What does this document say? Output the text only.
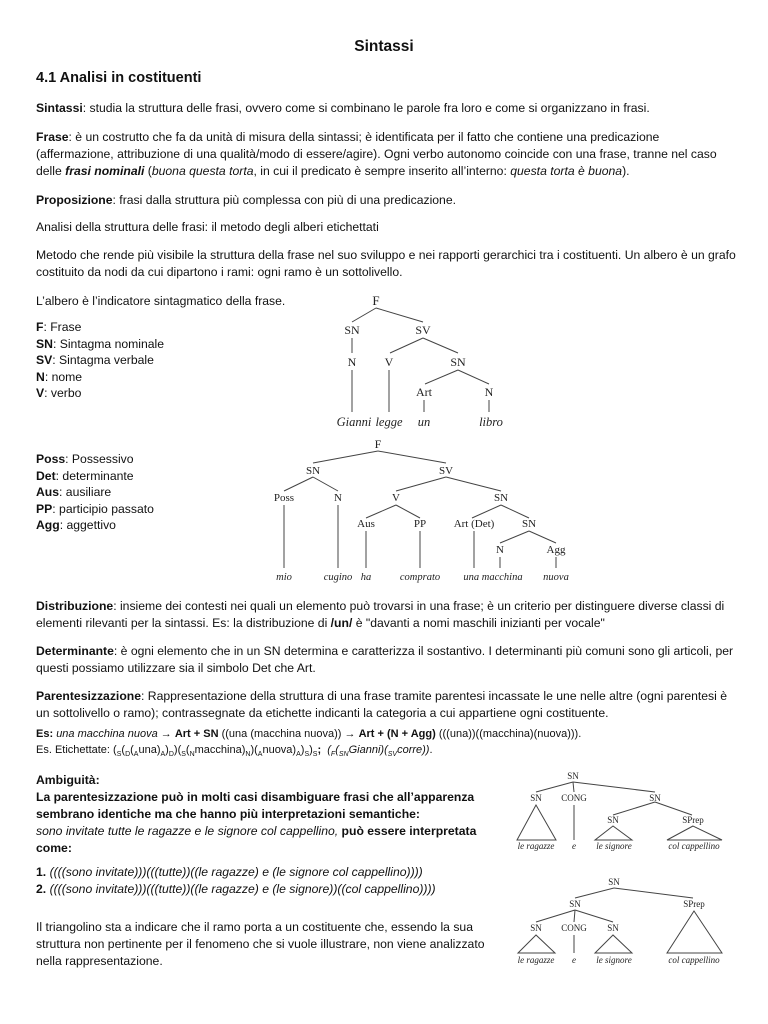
Sintassi
4.1 Analisi in costituenti

Sintassi: studia la struttura delle frasi, ovvero come si combinano le parole fra loro e come si organizzano in frasi.

Frase: è un costrutto che fa da unità di misura della sintassi; è identificata per il fatto che contiene una predicazione (affermazione, attribuzione di una qualità/modo di essere/agire). Ogni verbo autonomo coincide con una frase, tranne nel caso delle frasi nominali (buona questa torta, in cui il predicato è sempre inserito all’interno: questa torta è buona).

Proposizione: frasi dalla struttura più complessa con più di una predicazione.

Analisi della struttura delle frasi: il metodo degli alberi etichettati

Metodo che rende più visibile la struttura della frase nel suo sviluppo e nei rapporti gerarchici tra i costituenti. Un albero è un grafo costituito da nodi da cui dipartono i rami: ogni ramo è un sottolivello.

L’albero è l’indicatore sintagmatico della frase.

F: Frase
SN: Sintagma nominale
SV: Sintagma verbale
N: nome
V: verbo
F
SN	SV
N V	SN
Art	N
Gianni legge un	libro
Poss: Possessivo
Det: determinante
Aus: ausiliare
PP: participio passato
Agg: aggettivo
F
SN	SV
Poss	N	V	SN
Aus	PP	Art (Det)	SN
N	Agg
mio	cugino ha	comprato una macchina nuova

Distribuzione: insieme dei contesti nei quali un elemento può trovarsi in una frase; è un criterio per distinguere diverse classi di elementi rilevanti per la sintassi. Es: la distribuzione di /un/ è "davanti a nomi maschili inizianti per vocale"

Determinante: è ogni elemento che in un SN determina e caratterizza il sostantivo. I determinanti più comuni sono gli articoli, per questi possiamo utilizzare sia il simbolo Det che Art.

Parentesizzazione: Rappresentazione della struttura di una frase tramite parentesi incassate le une nelle altre (ogni parentesi è un sottolivello o ramo); contrassegnate da etichette indicanti la categoria a cui appartiene ogni costituente.

Es: una macchina nuova → Art + SN ((una (macchina nuova)) → Art + (N + Agg) (((una))((macchina)(nuova))).
Es. Etichettate: $(_S(_D(_Auna)_A)_D)(_S(_Nmacchina)_N)(_Anuova)_A)_S)_S$; $(_F(_{SN}Gianni)(_{SV}corre))$.
Ambiguità:
La parentesizzazione può in molti casi disambiguare frasi che all’apparenza sembrano identiche ma che hanno più interpretazioni semantiche:
sono invitate tutte le ragazze e le signore col cappellino, può essere interpretata come:
1. ((((sono invitate)))(((tutte))((le ragazze) e (le signore col cappellino))))
2. ((((sono invitate)))(((tutte))((le ragazze) e (le signore))((col cappellino))))

Il triangolino sta a indicare che il ramo porta a un costituente che, essendo la sua struttura non pertinente per il fenomeno che si vuole illustrare, non viene analizzato nella rappresentazione.

SN
SN CONG	SN
SN	SPrep
le ragazze e le signore	col cappellino
SN
SN	SPrep
SN CONG SN
le ragazze e le signore	col cappellino
